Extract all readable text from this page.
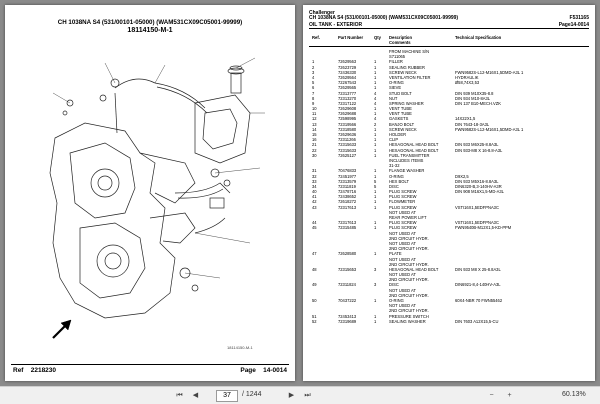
CH 1038NA S4 (531/00101-05000) (WAM531CX09C05001-99999)
18114150-M-1
18114150-M-1
Ref 2218230	Page 14-0014
Challenger
CH 1038NA S4 (531/00101-05000) (WAM531CX09C05001-99999)
OIL TANK - EXTERIOR
F531165
Page14-0014
Ref.	Part Number	Qty Description
Comments
Technical Specification
FROM MACHINE S/N
S711065
1	72629563	1	FILLER
2	72623729	1	SEALING RUBBER
3	72436330	1	SCREW NECK	FWN9582S-L12-M16X1,5DMD-A3L 1
4	72629564	1	VENTILATION FILTER	HYDRAULIK
5	72267543	1	O-RING	Ø58,74X3,53
6	72629565	1	SIEVE
7	72313777	4	STUD BOLT	DIN 939 M10X35-8.8
8	72313270	4	NUT	DIN 934 M10-8A3L
9	72317122	4	SPRING WASHER	DIN 137 B10-MECH.VZK
10	72629608	1	VENT TUBE
11	72629688	1	VENT TUBE
12	72598995	4	GASKETS	14X22X1,5
13	72319566	2	BANJO BOLT	DIN 7643-18-3A3L
14	72318580	1	SCREW NECK	FWN9582S-L12-M16X1,5DMD-A3L 1
15	72629636	1	HOLDER
16	72311266	1	CLIP
21	72315633	1	HEXAGONAL HEAD BOLT	DIN 933 M6X25-8.8A3L
22	72315633	1	HEXAGONAL HEAD BOLT	DIN 933-M8 X 16-8.8-A3L
30	72625127	1	FUEL TRANSMITTER
INCLUDES ITEMS
31-32
31	70476833	1	FLANGE WASHER
32	72451977	1	O-RING	D9X2,5
33	72313579	5	HEX BOLT	DIN 933 M5X16-8.8A3L
34	72311819	5	DISC	DIN6320-B,3-140HV-A3R
40	72478716	1	PLUG SCREW	DIN 908 M16X1,5-MD-A3L
41	72438652	1	PLUG SCREW
42	72618272	1	FLOWMETER
43	72317613	1	PLUG SCREW	VSTI16X1,5EDFPNA3C
NOT USED AT
REAR POWER LIFT
44	72317613	1	PLUG SCREW	VSTI16X1,5EDFPNA3C
45	72315485	1	PLUG SCREW	FWN9540B-M12X1,5-KD-PPM
NOT USED AT
2ND CIRCUIT HYDR.
NOT USED AT
2ND CIRCUIT HYDR.
47	72628580	1	PLATE
NOT USED AT
2ND CIRCUIT HYDR.
48	72315653	3	HEXAGONAL HEAD BOLT	DIN 933 M8 X 25-8.8A3L
NOT USED AT
2ND CIRCUIT HYDR.
49	72311824	3	DISC	DIN6921-8,4-140HV-A3L
NOT USED AT
2ND CIRCUIT HYDR.
50	70437222	1	O-RING	60X4-NBR 70 FWN55462
NOT USED AT
2ND CIRCUIT HYDR.
51	72453413	1	PRESSURE SWITCH
52	72319689	1	SEALING WASHER	DIN 7603 A12X15,5-CU
⏮	◀
37	/ 1244	▶	⏭	−	+	60.13%
